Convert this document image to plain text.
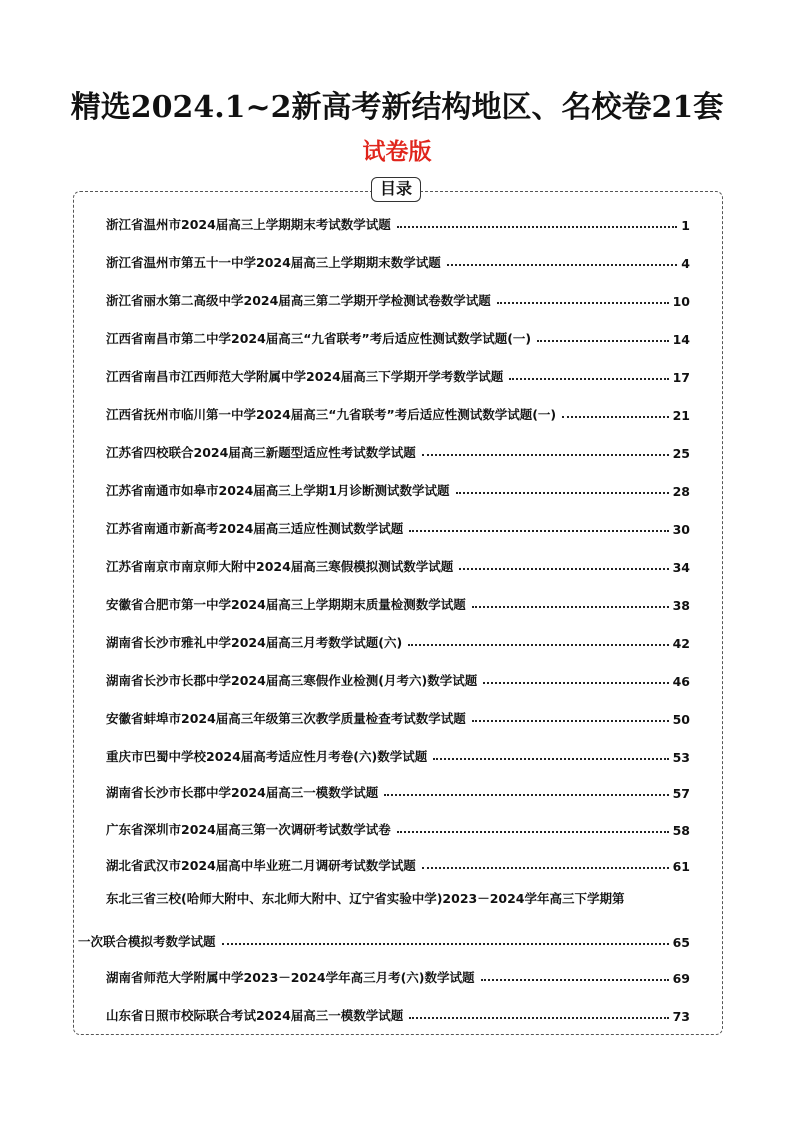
精选2024.1~2新高考新结构地区、名校卷21套
试卷版
目录
浙江省温州市2024届高三上学期期末考试数学试题	1
浙江省温州市第五十一中学2024届高三上学期期末数学试题	4
浙江省丽水第二高级中学2024届高三第二学期开学检测试卷数学试题	10
江西省南昌市第二中学2024届高三“九省联考”考后适应性测试数学试题(一)	14
江西省南昌市江西师范大学附属中学2024届高三下学期开学考数学试题	17
江西省抚州市临川第一中学2024届高三“九省联考”考后适应性测试数学试题(一)	21
江苏省四校联合2024届高三新题型适应性考试数学试题	25
江苏省南通市如皋市2024届高三上学期1月诊断测试数学试题	28
江苏省南通市新高考2024届高三适应性测试数学试题	30
江苏省南京市南京师大附中2024届高三寒假模拟测试数学试题	34
安徽省合肥市第一中学2024届高三上学期期末质量检测数学试题	38
湖南省长沙市雅礼中学2024届高三月考数学试题(六)	42
湖南省长沙市长郡中学2024届高三寒假作业检测(月考六)数学试题	46
安徽省蚌埠市2024届高三年级第三次教学质量检查考试数学试题	50
重庆市巴蜀中学校2024届高考适应性月考卷(六)数学试题	53
湖南省长沙市长郡中学2024届高三一模数学试题	57
广东省深圳市2024届高三第一次调研考试数学试卷	58
湖北省武汉市2024届高中毕业班二月调研考试数学试题	61
东北三省三校(哈师大附中、东北师大附中、辽宁省实验中学)2023－2024学年高三下学期第
一次联合模拟考数学试题	65
湖南省师范大学附属中学2023－2024学年高三月考(六)数学试题	69
山东省日照市校际联合考试2024届高三一模数学试题	73
